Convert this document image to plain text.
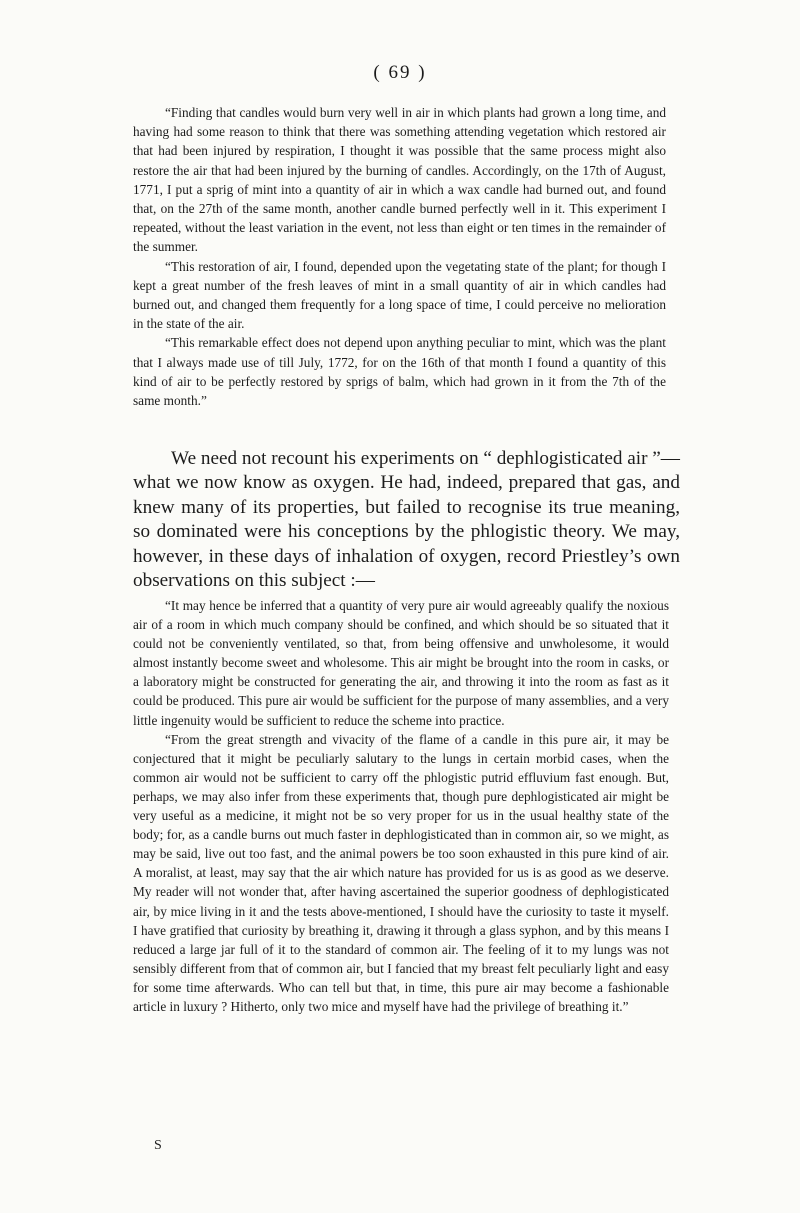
( 69 )

“Finding that candles would burn very well in air in which plants had grown a long time, and having had some reason to think that there was something attending vegetation which restored air that had been injured by respiration, I thought it was possible that the same process might also restore the air that had been injured by the burning of candles. Accordingly, on the 17th of August, 1771, I put a sprig of mint into a quantity of air in which a wax candle had burned out, and found that, on the 27th of the same month, another candle burned perfectly well in it. This experiment I repeated, without the least variation in the event, not less than eight or ten times in the remainder of the summer.

“This restoration of air, I found, depended upon the vegetating state of the plant; for though I kept a great number of the fresh leaves of mint in a small quantity of air in which candles had burned out, and changed them frequently for a long space of time, I could perceive no melioration in the state of the air.

“This remarkable effect does not depend upon anything peculiar to mint, which was the plant that I always made use of till July, 1772, for on the 16th of that month I found a quantity of this kind of air to be perfectly restored by sprigs of balm, which had grown in it from the 7th of the same month.”

We need not recount his experiments on “ dephlogisticated air ”—what we now know as oxygen. He had, indeed, prepared that gas, and knew many of its properties, but failed to recognise its true meaning, so dominated were his conceptions by the phlogistic theory. We may, however, in these days of inhalation of oxygen, record Priestley’s own observations on this subject :—

“It may hence be inferred that a quantity of very pure air would agreeably qualify the noxious air of a room in which much company should be confined, and which should be so situated that it could not be conveniently ventilated, so that, from being offensive and unwholesome, it would almost instantly become sweet and wholesome. This air might be brought into the room in casks, or a laboratory might be constructed for generating the air, and throwing it into the room as fast as it could be produced. This pure air would be sufficient for the purpose of many assemblies, and a very little ingenuity would be sufficient to reduce the scheme into practice.

“From the great strength and vivacity of the flame of a candle in this pure air, it may be conjectured that it might be peculiarly salutary to the lungs in certain morbid cases, when the common air would not be sufficient to carry off the phlogistic putrid effluvium fast enough. But, perhaps, we may also infer from these experiments that, though pure dephlogisticated air might be very useful as a medicine, it might not be so very proper for us in the usual healthy state of the body; for, as a candle burns out much faster in dephlogisticated than in common air, so we might, as may be said, live out too fast, and the animal powers be too soon exhausted in this pure kind of air. A moralist, at least, may say that the air which nature has provided for us is as good as we deserve. My reader will not wonder that, after having ascertained the superior goodness of dephlogisticated air, by mice living in it and the tests above-mentioned, I should have the curiosity to taste it myself. I have gratified that curiosity by breathing it, drawing it through a glass syphon, and by this means I reduced a large jar full of it to the standard of common air. The feeling of it to my lungs was not sensibly different from that of common air, but I fancied that my breast felt peculiarly light and easy for some time afterwards. Who can tell but that, in time, this pure air may become a fashionable article in luxury ? Hitherto, only two mice and myself have had the privilege of breathing it.”

S
